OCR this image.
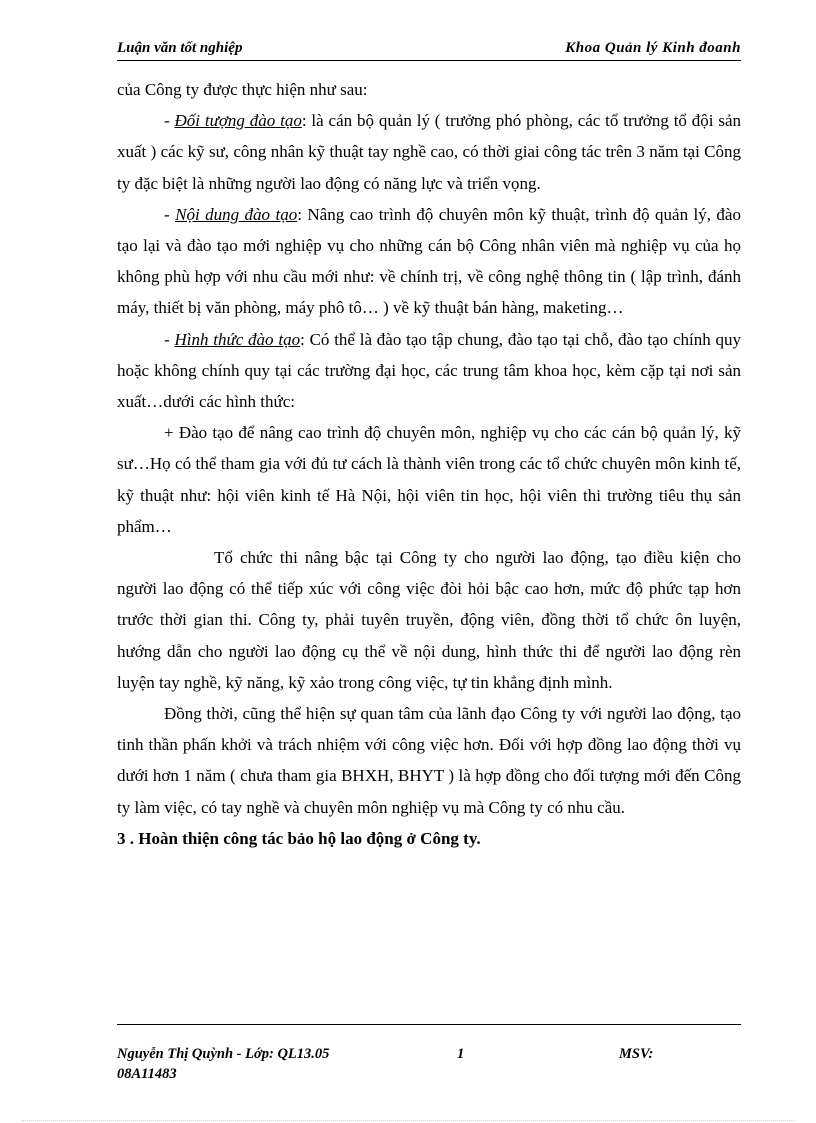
Luận văn tốt nghiệp	Khoa Quản lý Kinh đoanh

của Công ty được thực hiện như sau:

- Đối tượng đào tạo: là cán bộ quản lý ( trưởng phó phòng, các tổ trưởng tổ đội sản xuất ) các kỹ sư, công nhân kỹ thuật tay nghề cao, có thời giai công tác trên 3 năm tại Công ty đặc biệt là những người lao động có năng lực và triển vọng.

- Nội dung đào tạo: Nâng cao trình độ chuyên môn kỹ thuật, trình độ quản lý, đào tạo lại và đào tạo mới nghiệp vụ cho những cán bộ Công nhân viên mà nghiệp vụ của họ không phù hợp với nhu cầu mới như: về chính trị, về công nghệ thông tin ( lập trình, đánh máy, thiết bị văn phòng, máy phô tô… ) về kỹ thuật bán hàng, maketing…

- Hình thức đào tạo: Có thể là đào tạo tập chung, đào tạo tại chỗ, đào tạo chính quy hoặc không chính quy tại các trường đại học, các trung tâm khoa học, kèm cặp tại nơi sản xuất…dưới các hình thức:

+ Đào tạo để nâng cao trình độ chuyên môn, nghiệp vụ cho các cán bộ quản lý, kỹ sư…Họ có thể tham gia với đủ tư cách là thành viên trong các tổ chức chuyên môn kinh tế, kỹ thuật như: hội viên kinh tế Hà Nội, hội viên tin học, hội viên thi trường tiêu thụ sản phẩm…

Tổ chức thi nâng bậc tại Công ty cho người lao động, tạo điều kiện cho người lao động có thể tiếp xúc với công việc đòi hỏi bậc cao hơn, mức độ phức tạp hơn trước thời gian thi. Công ty, phải tuyên truyền, động viên, đồng thời tổ chức ôn luyện, hướng dẫn cho người lao động cụ thể về nội dung, hình thức thi để người lao động rèn luyện tay nghề, kỹ năng, kỹ xảo trong công việc, tự tin khẳng định mình.

Đồng thời, cũng thể hiện sự quan tâm của lãnh đạo Công ty với người lao động, tạo tinh thần phấn khởi và trách nhiệm với công việc hơn. Đối với hợp đồng lao động thời vụ dưới hơn 1 năm ( chưa tham gia BHXH, BHYT ) là hợp đồng cho đối tượng mới đến Công ty làm việc, có tay nghề và chuyên môn nghiệp vụ mà Công ty có nhu cầu.

3 . Hoàn thiện công tác bảo hộ lao động ở Công ty.

Nguyễn Thị Quỳnh - Lớp: QL13.05	1	MSV:
08A11483
